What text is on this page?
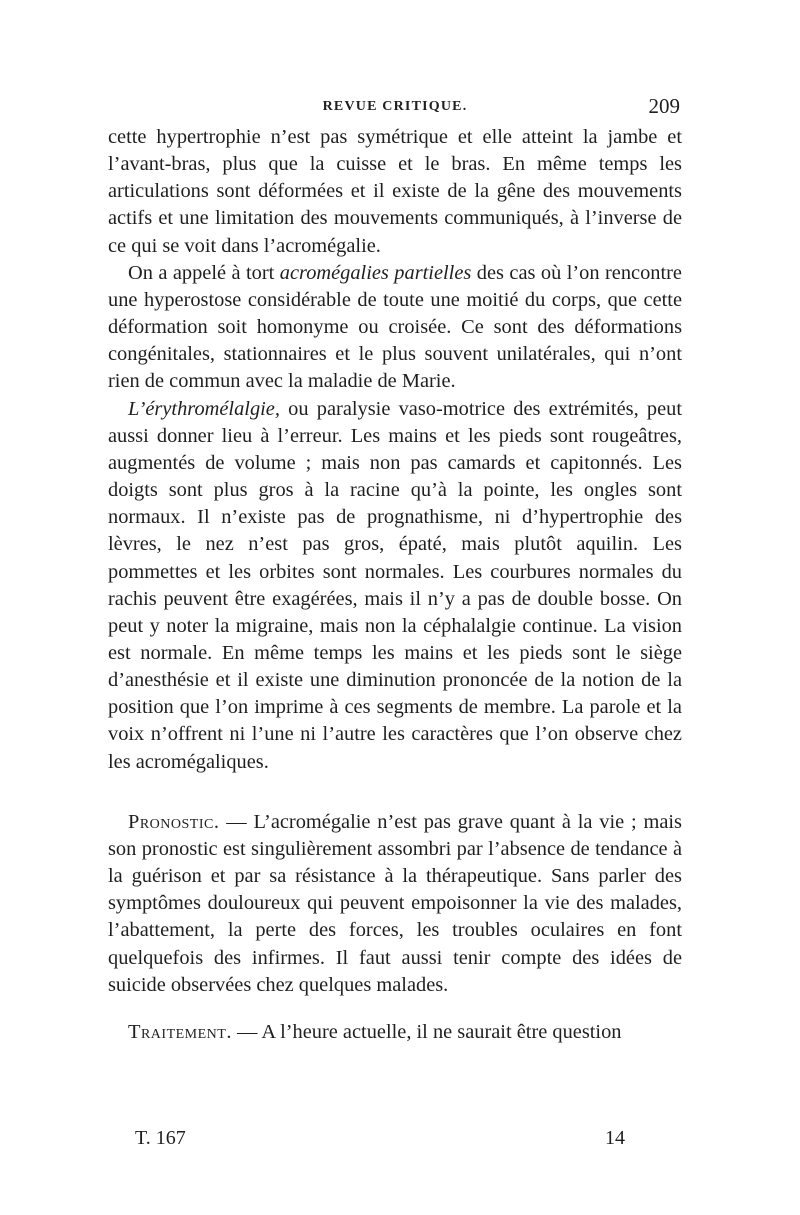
REVUE CRITIQUE.	209

cette hypertrophie n’est pas symétrique et elle atteint la jambe et l’avant-bras, plus que la cuisse et le bras. En même temps les articulations sont déformées et il existe de la gêne des mouvements actifs et une limitation des mouvements communiqués, à l’inverse de ce qui se voit dans l’acromégalie.

On a appelé à tort acromégalies partielles des cas où l’on rencontre une hyperostose considérable de toute une moitié du corps, que cette déformation soit homonyme ou croisée. Ce sont des déformations congénitales, stationnaires et le plus souvent unilatérales, qui n’ont rien de commun avec la maladie de Marie.

L’érythromélalgie, ou paralysie vaso-motrice des extrémités, peut aussi donner lieu à l’erreur. Les mains et les pieds sont rougeâtres, augmentés de volume ; mais non pas camards et capitonnés. Les doigts sont plus gros à la racine qu’à la pointe, les ongles sont normaux. Il n’existe pas de prognathisme, ni d’hypertrophie des lèvres, le nez n’est pas gros, épaté, mais plutôt aquilin. Les pommettes et les orbites sont normales. Les courbures normales du rachis peuvent être exagérées, mais il n’y a pas de double bosse. On peut y noter la migraine, mais non la céphalalgie continue. La vision est normale. En même temps les mains et les pieds sont le siège d’anesthésie et il existe une diminution prononcée de la notion de la position que l’on imprime à ces segments de membre. La parole et la voix n’offrent ni l’une ni l’autre les caractères que l’on observe chez les acromégaliques.

Pronostic. — L’acromégalie n’est pas grave quant à la vie ; mais son pronostic est singulièrement assombri par l’absence de tendance à la guérison et par sa résistance à la thérapeutique. Sans parler des symptômes douloureux qui peuvent empoisonner la vie des malades, l’abattement, la perte des forces, les troubles oculaires en font quelquefois des infirmes. Il faut aussi tenir compte des idées de suicide observées chez quelques malades.

Traitement. — A l’heure actuelle, il ne saurait être question

T. 167	14
